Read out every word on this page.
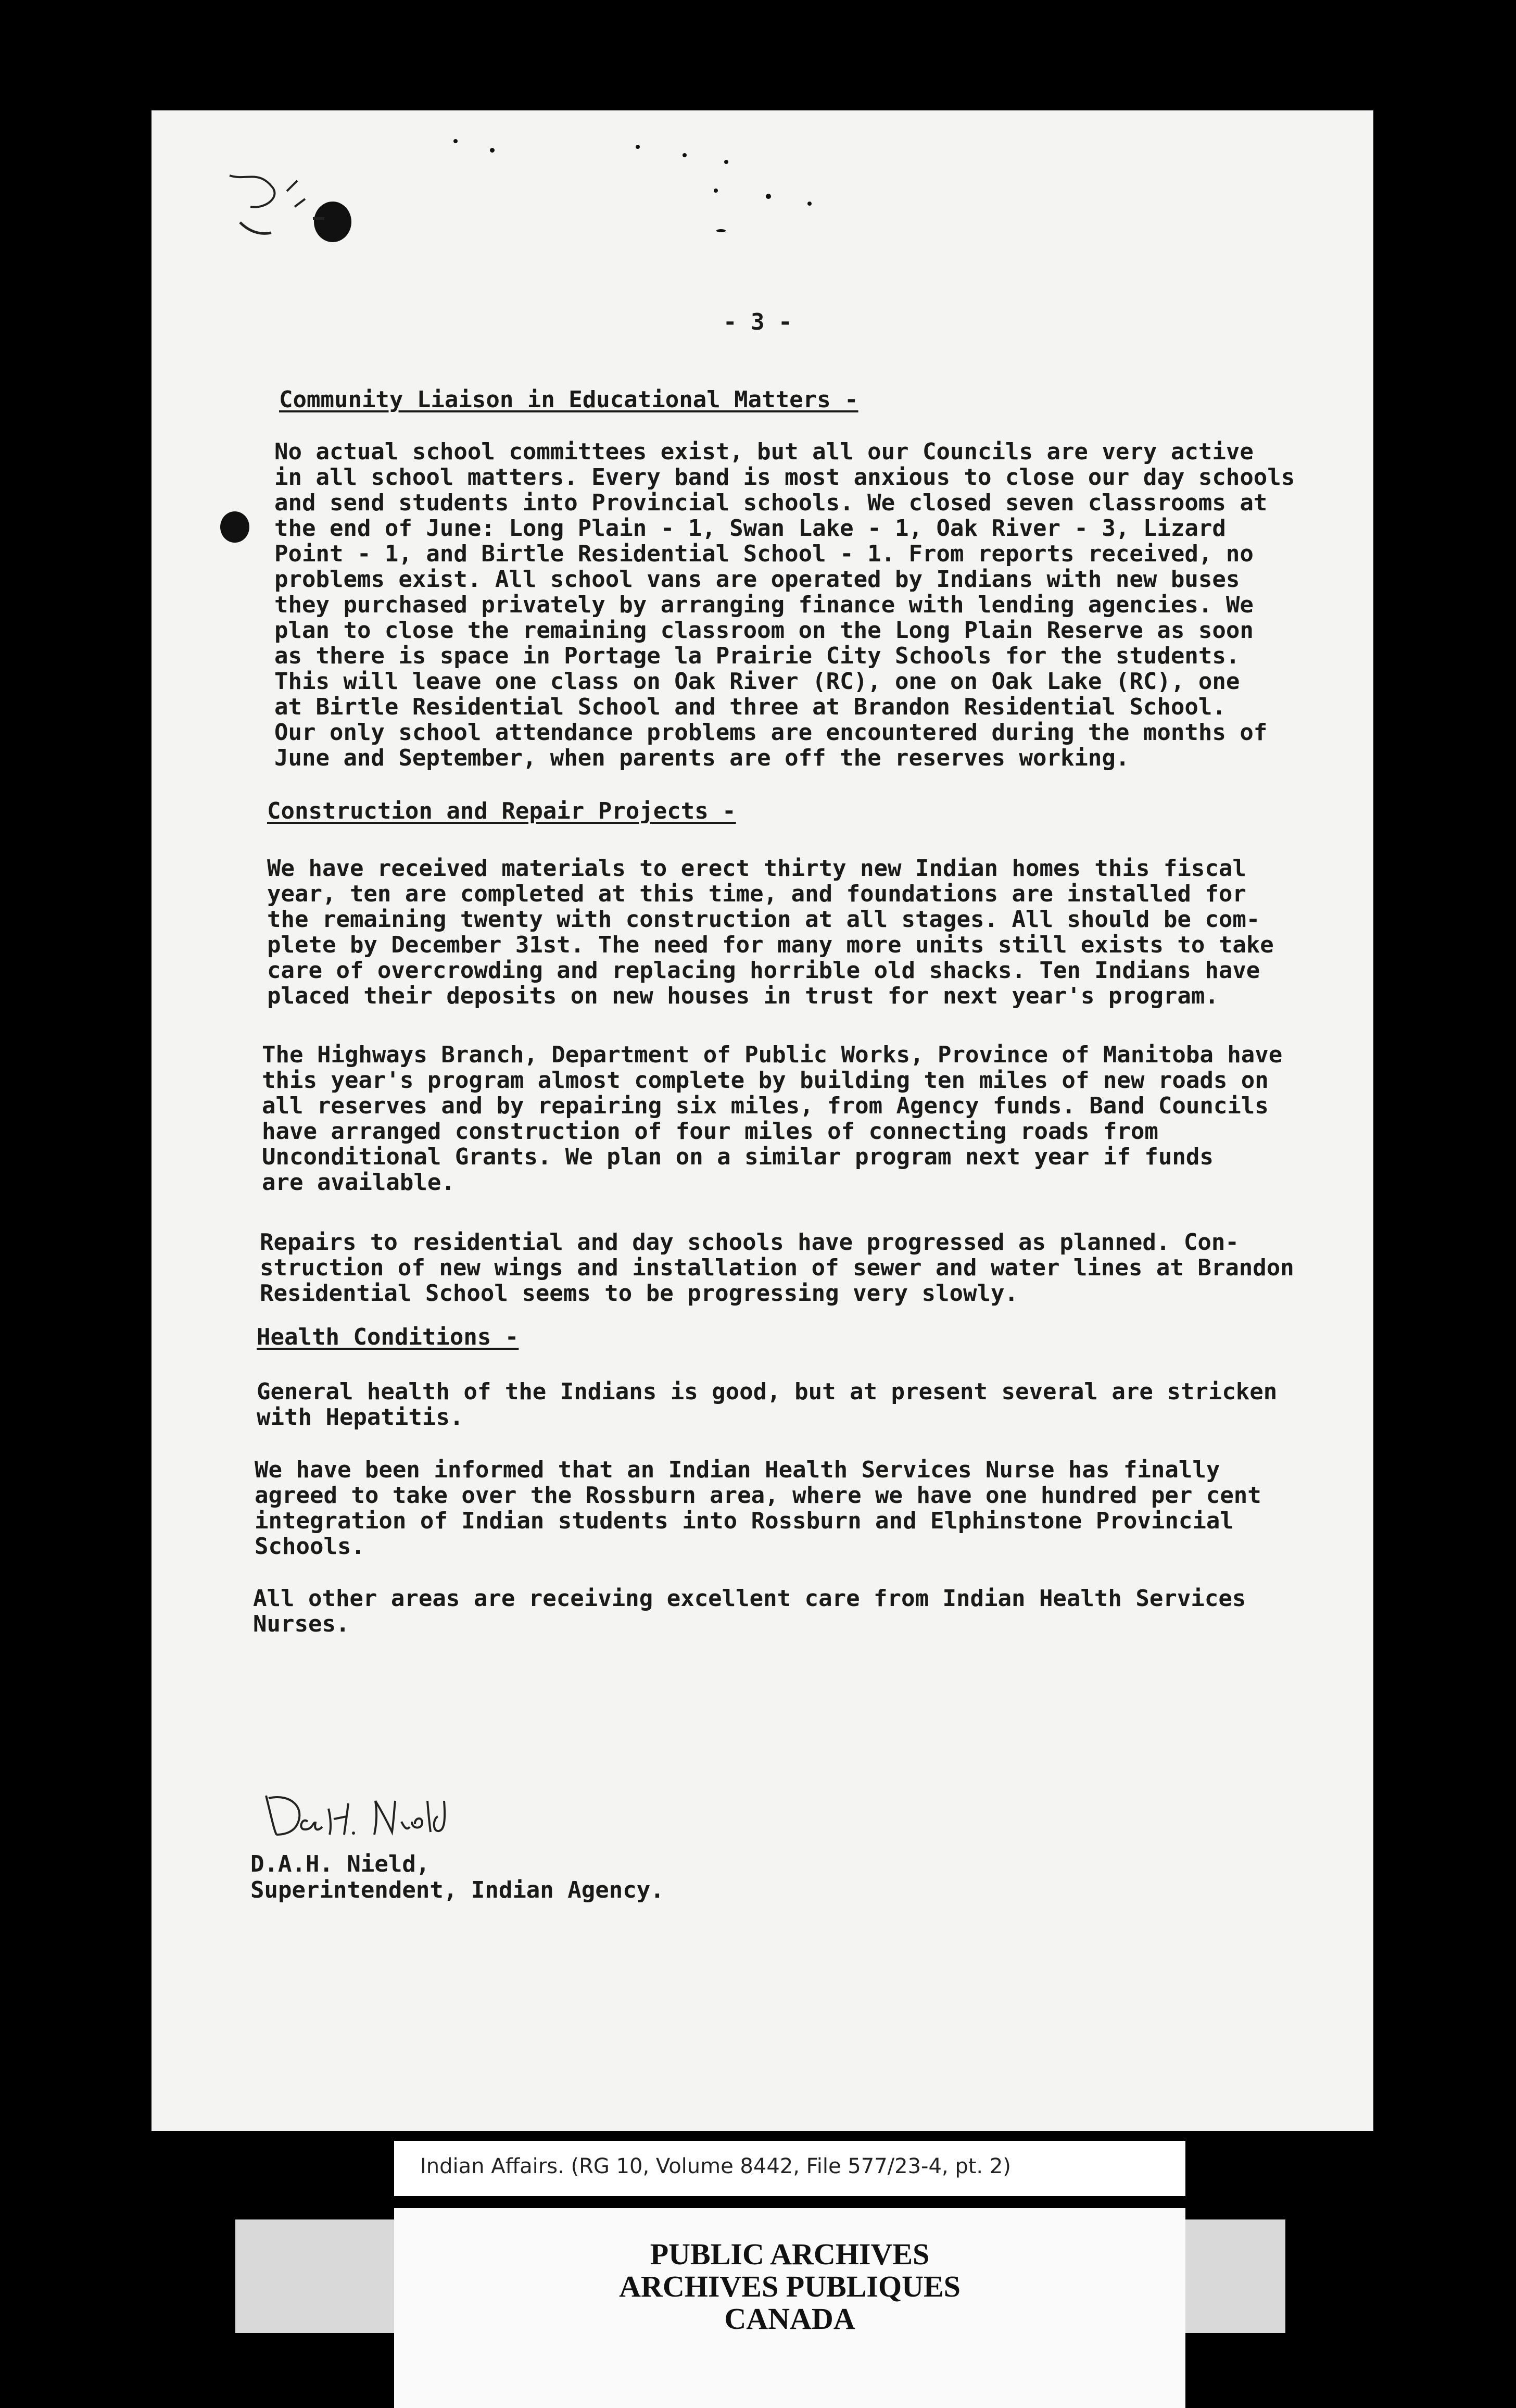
- 3 -
Community Liaison in Educational Matters -
No actual school committees exist, but all our Councils are very active
in all school matters. Every band is most anxious to close our day schools
and send students into Provincial schools. We closed seven classrooms at
the end of June: Long Plain - 1, Swan Lake - 1, Oak River - 3, Lizard
Point - 1, and Birtle Residential School - 1. From reports received, no
problems exist. All school vans are operated by Indians with new buses
they purchased privately by arranging finance with lending agencies. We
plan to close the remaining classroom on the Long Plain Reserve as soon
as there is space in Portage la Prairie City Schools for the students.
This will leave one class on Oak River (RC), one on Oak Lake (RC), one
at Birtle Residential School and three at Brandon Residential School.
Our only school attendance problems are encountered during the months of
June and September, when parents are off the reserves working.
Construction and Repair Projects -
We have received materials to erect thirty new Indian homes this fiscal
year, ten are completed at this time, and foundations are installed for
the remaining twenty with construction at all stages. All should be com-
plete by December 31st. The need for many more units still exists to take
care of overcrowding and replacing horrible old shacks. Ten Indians have
placed their deposits on new houses in trust for next year's program.
The Highways Branch, Department of Public Works, Province of Manitoba have
this year's program almost complete by building ten miles of new roads on
all reserves and by repairing six miles, from Agency funds. Band Councils
have arranged construction of four miles of connecting roads from
Unconditional Grants. We plan on a similar program next year if funds
are available.
Repairs to residential and day schools have progressed as planned. Con-
struction of new wings and installation of sewer and water lines at Brandon
Residential School seems to be progressing very slowly.
Health Conditions -
General health of the Indians is good, but at present several are stricken
with Hepatitis.
We have been informed that an Indian Health Services Nurse has finally
agreed to take over the Rossburn area, where we have one hundred per cent
integration of Indian students into Rossburn and Elphinstone Provincial
Schools.
All other areas are receiving excellent care from Indian Health Services
Nurses.
D.A.H. Nield,
Superintendent, Indian Agency.
Indian Affairs. (RG 10, Volume 8442, File 577/23-4, pt. 2)
PUBLIC ARCHIVES
ARCHIVES PUBLIQUES
CANADA
